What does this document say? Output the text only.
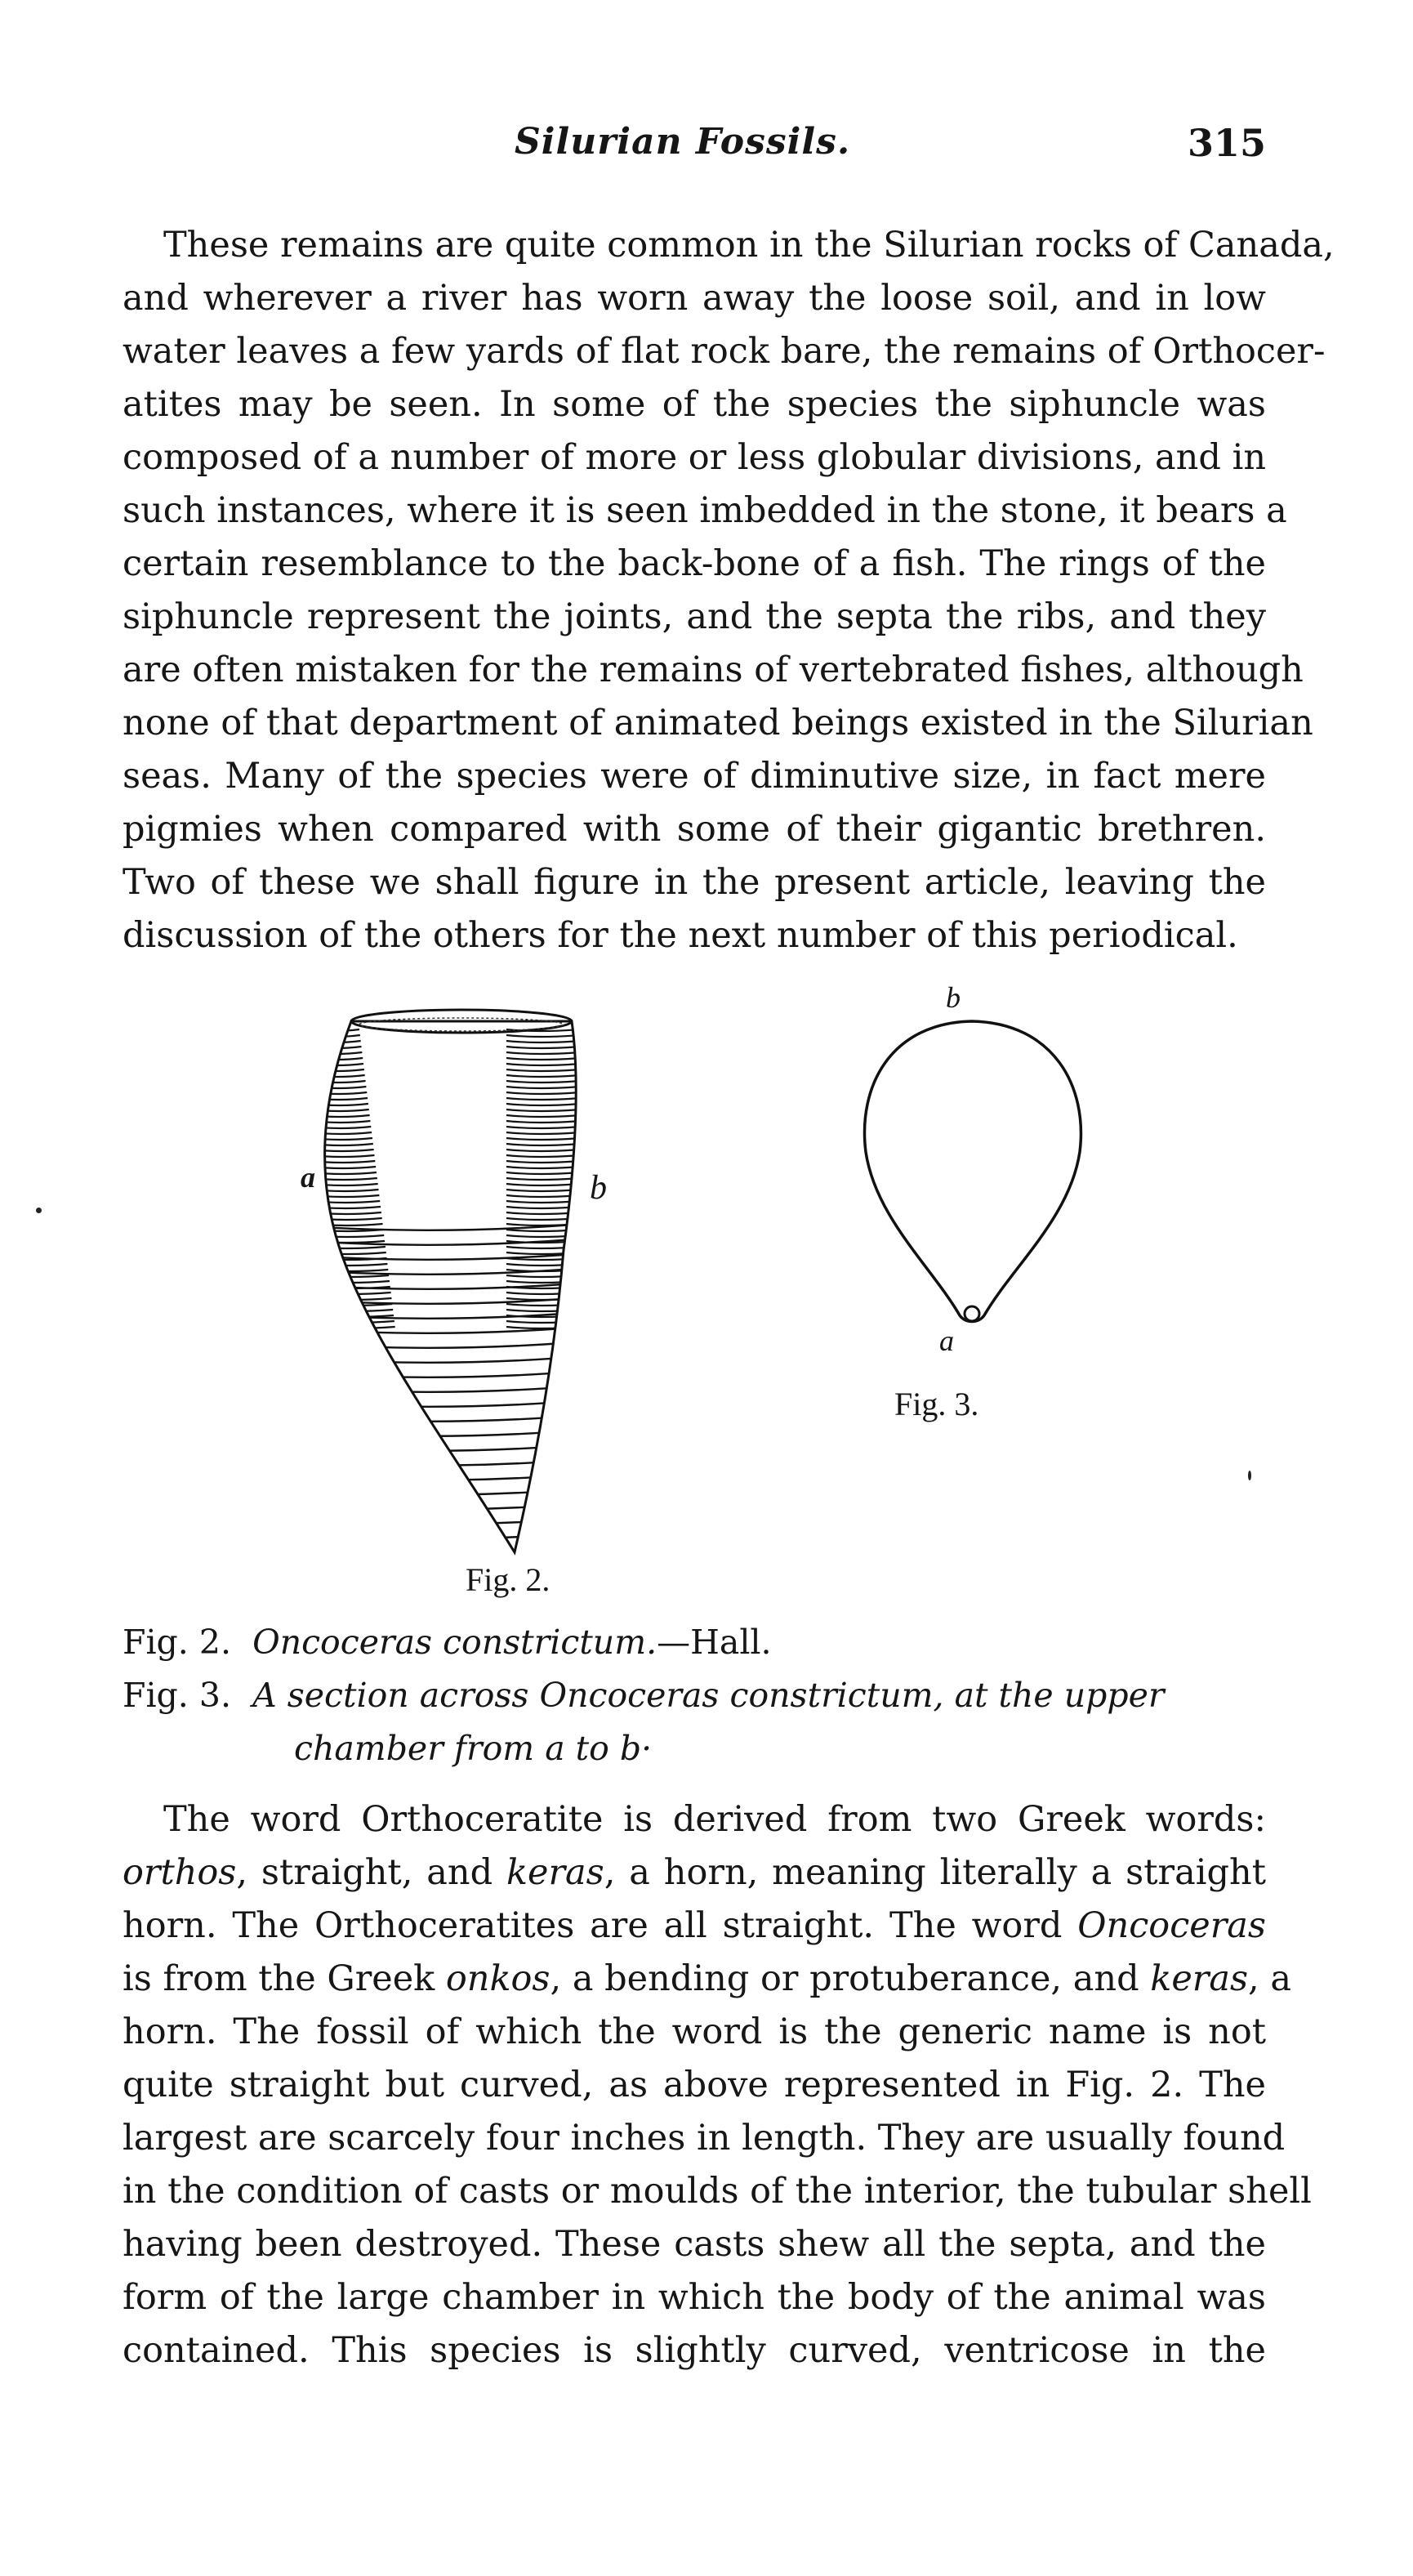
Silurian Fossils.	315
These remains are quite common in the Silurian rocks of Canada,
and wherever a river has worn away the loose soil, and in low
water leaves a few yards of flat rock bare, the remains of Orthocer-
atites may be seen. In some of the species the siphuncle was
composed of a number of more or less globular divisions, and in
such instances, where it is seen imbedded in the stone, it bears a
certain resemblance to the back-bone of a fish. The rings of the
siphuncle represent the joints, and the septa the ribs, and they
are often mistaken for the remains of vertebrated fishes, although
none of that department of animated beings existed in the Silurian
seas. Many of the species were of diminutive size, in fact mere
pigmies when compared with some of their gigantic brethren.
Two of these we shall figure in the present article, leaving the
discussion of the others for the next number of this periodical.
a	b
Fig. 2.
b
a
Fig. 3.
Fig. 2. Oncoceras constrictum.—Hall.
Fig. 3. A section across Oncoceras constrictum, at the upper
chamber from a to b·
The word Orthoceratite is derived from two Greek words:
orthos, straight, and keras, a horn, meaning literally a straight
horn. The Orthoceratites are all straight. The word Oncoceras
is from the Greek onkos, a bending or protuberance, and keras, a
horn. The fossil of which the word is the generic name is not
quite straight but curved, as above represented in Fig. 2. The
largest are scarcely four inches in length. They are usually found
in the condition of casts or moulds of the interior, the tubular shell
having been destroyed. These casts shew all the septa, and the
form of the large chamber in which the body of the animal was
contained. This species is slightly curved, ventricose in the
